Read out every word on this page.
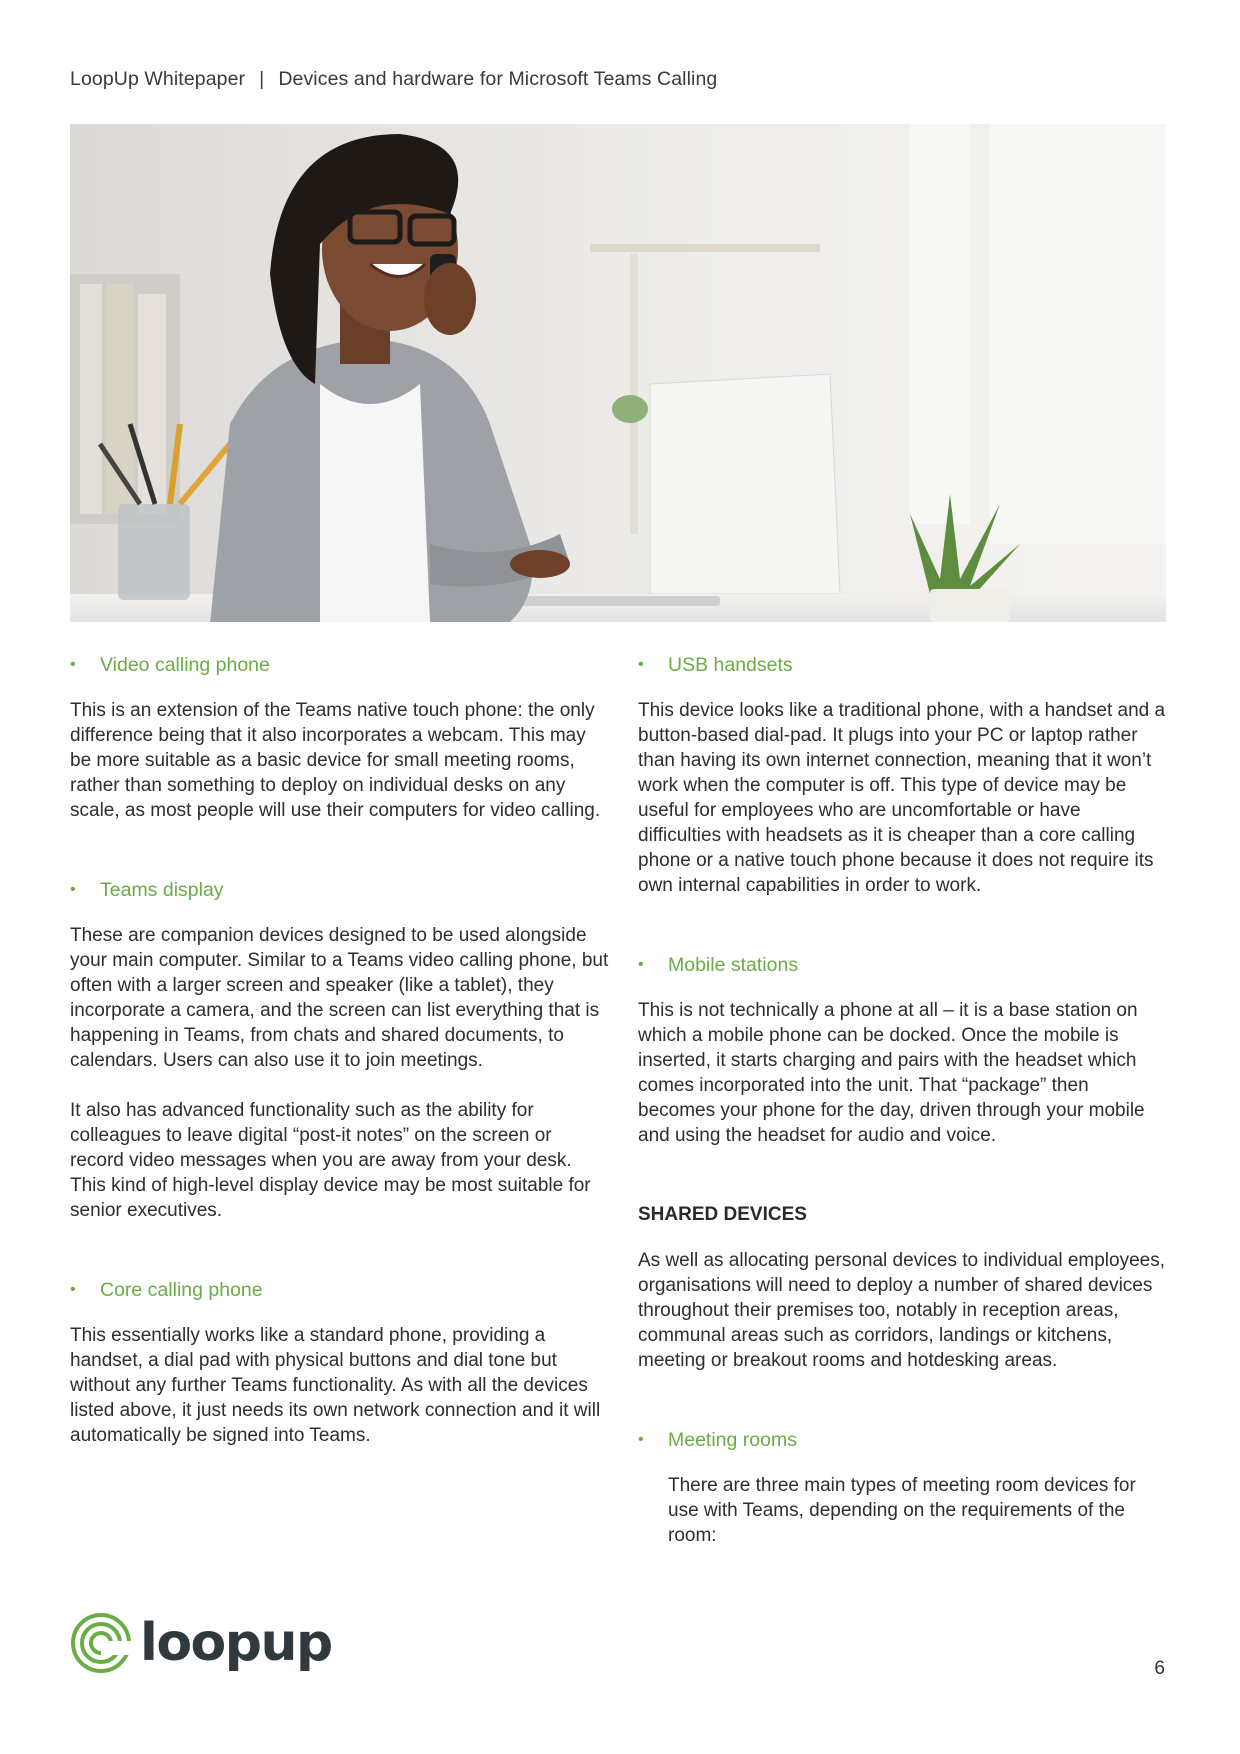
LoopUp Whitepaper | Devices and hardware for Microsoft Teams Calling
•	Video calling phone

This is an extension of the Teams native touch phone: the only difference being that it also incorporates a webcam. This may be more suitable as a basic device for small meeting rooms, rather than something to deploy on individual desks on any scale, as most people will use their computers for video calling.

•	Teams display

These are companion devices designed to be used alongside your main computer. Similar to a Teams video calling phone, but often with a larger screen and speaker (like a tablet), they incorporate a camera, and the screen can list everything that is happening in Teams, from chats and shared documents, to calendars. Users can also use it to join meetings.

It also has advanced functionality such as the ability for colleagues to leave digital “post-it notes” on the screen or record video messages when you are away from your desk. This kind of high-level display device may be most suitable for senior executives.

•	Core calling phone

This essentially works like a standard phone, providing a handset, a dial pad with physical buttons and dial tone but without any further Teams functionality. As with all the devices listed above, it just needs its own network connection and it will automatically be signed into Teams.

•	USB handsets

This device looks like a traditional phone, with a handset and a button-based dial-pad. It plugs into your PC or laptop rather than having its own internet connection, meaning that it won’t work when the computer is off. This type of device may be useful for employees who are uncomfortable or have difficulties with headsets as it is cheaper than a core calling phone or a native touch phone because it does not require its own internal capabilities in order to work.

•	Mobile stations

This is not technically a phone at all – it is a base station on which a mobile phone can be docked. Once the mobile is inserted, it starts charging and pairs with the headset which comes incorporated into the unit. That “package” then becomes your phone for the day, driven through your mobile and using the headset for audio and voice.

SHARED DEVICES

As well as allocating personal devices to individual employees, organisations will need to deploy a number of shared devices throughout their premises too, notably in reception areas, communal areas such as corridors, landings or kitchens, meeting or breakout rooms and hotdesking areas.

•	Meeting rooms

There are three main types of meeting room devices for use with Teams, depending on the requirements of the room:

loopup	6
